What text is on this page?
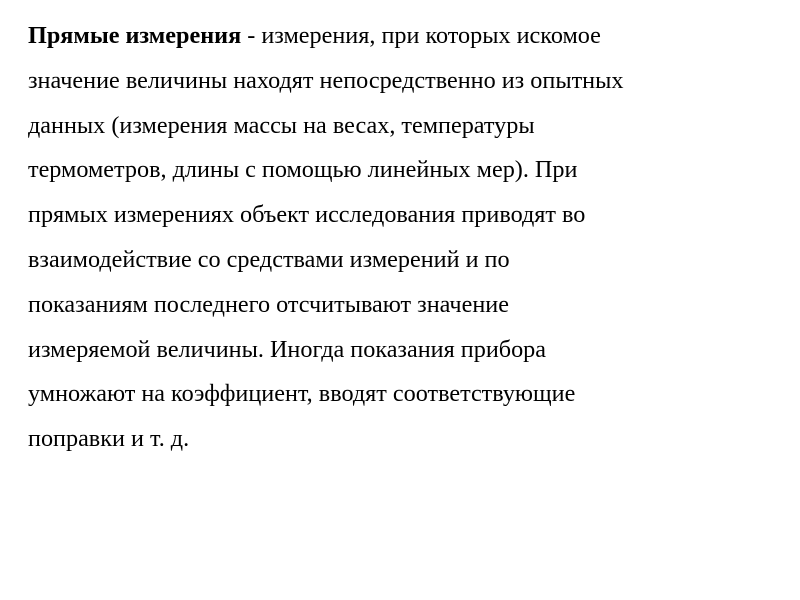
Прямые измерения - измерения, при которых искомое
значение величины находят непосредственно из опытных
данных (измерения массы на весах, температуры
термометров, длины с помощью линейных мер). При
прямых измерениях объект исследования приводят во
взаимодействие со средствами измерений и по
показаниям последнего отсчитывают значение
измеряемой величины. Иногда показания прибора
умножают на коэффициент, вводят соответствующие
поправки и т. д.
